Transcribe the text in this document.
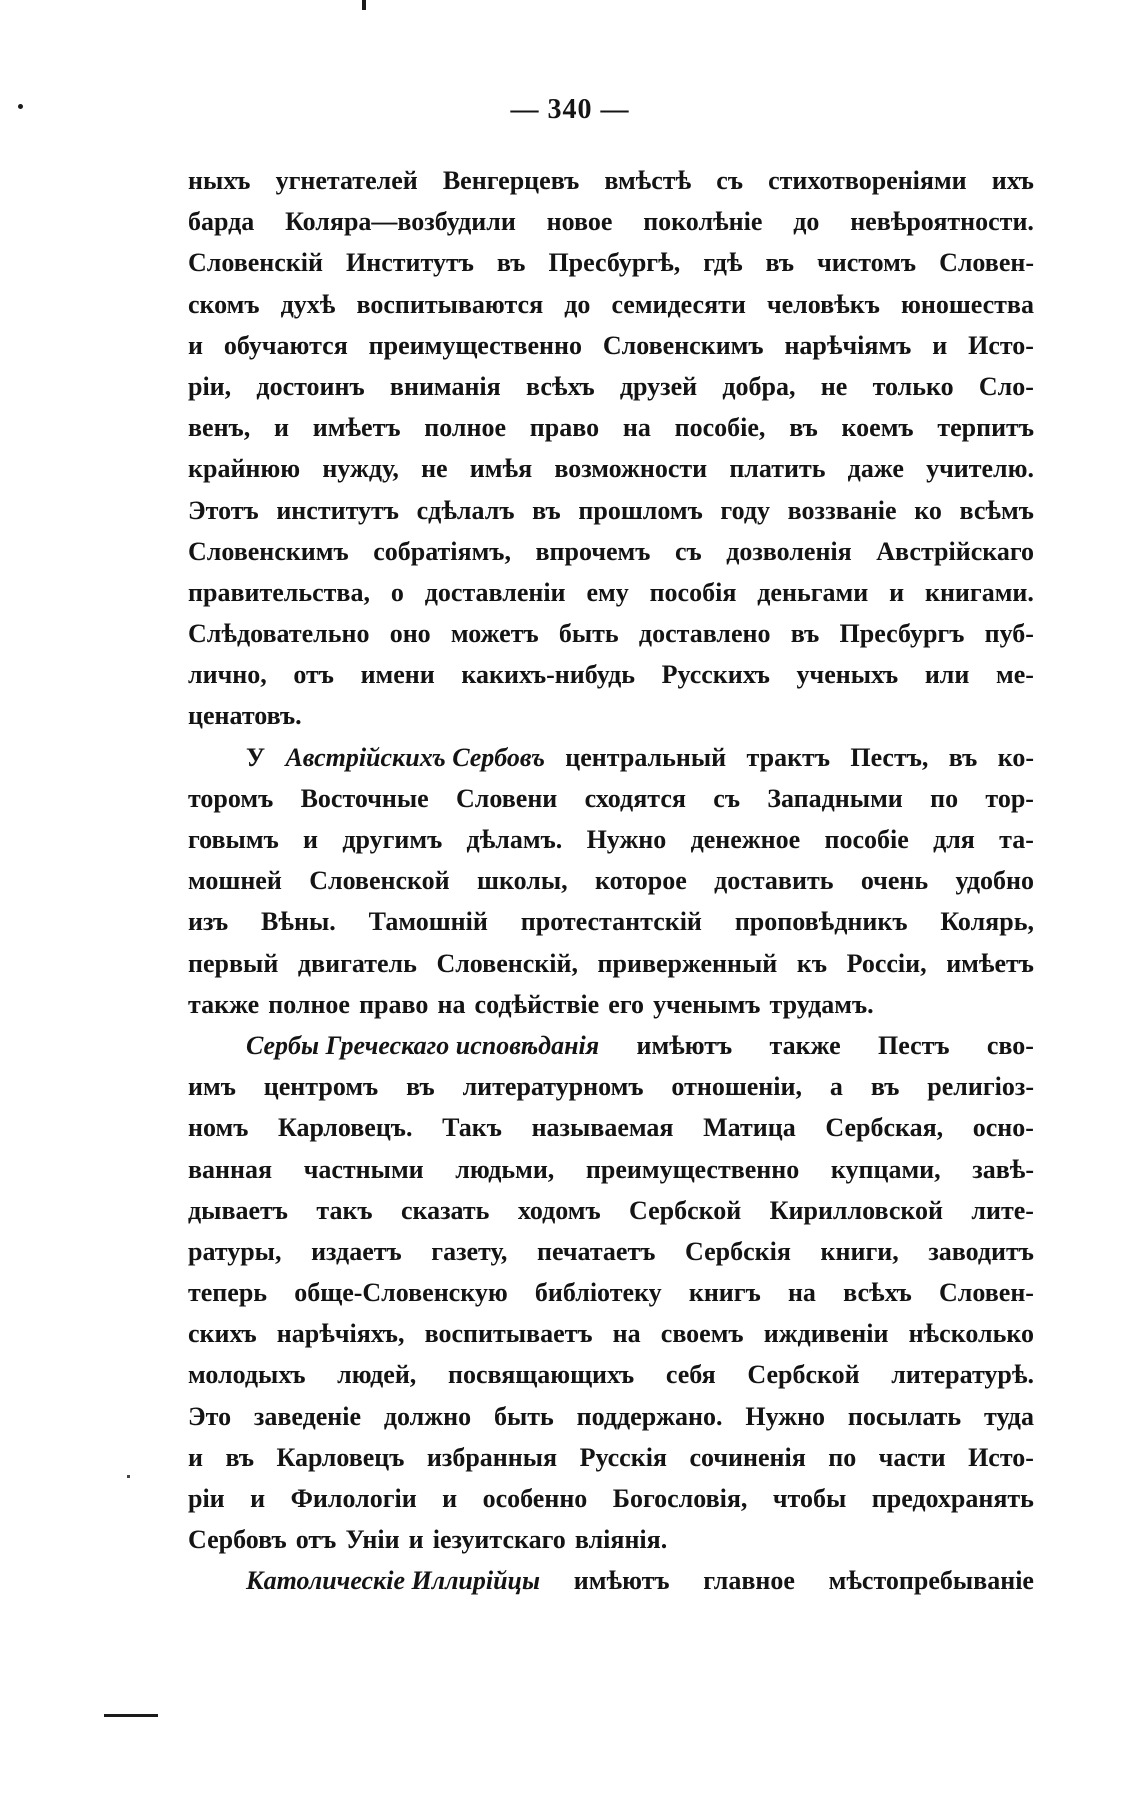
— 340 —
ныхъ угнетателей Венгерцевъ вмѣстѣ съ стихотвореніями ихъ
барда Коляра—возбудили новое поколѣніе до невѣроятности.
Словенскій Институтъ въ Пресбургѣ, гдѣ въ чистомъ Словен-
скомъ духѣ воспитываются до семидесяти человѣкъ юношества
и обучаются преимущественно Словенскимъ нарѣчіямъ и Исто-
ріи, достоинъ вниманія всѣхъ друзей добра, не только Сло-
венъ, и имѣетъ полное право на пособіе, въ коемъ терпитъ
крайнюю нужду, не имѣя возможности платить даже учителю.
Этотъ институтъ сдѣлалъ въ прошломъ году воззваніе ко всѣмъ
Словенскимъ собратіямъ, впрочемъ съ дозволенія Австрійскаго
правительства, о доставленіи ему пособія деньгами и книгами.
Слѣдовательно оно можетъ быть доставлено въ Пресбургъ пуб-
лично, отъ имени какихъ-нибудь Русскихъ ученыхъ или ме-
ценатовъ.
У Австрійскихъ Сербовъ центральный трактъ Пестъ, въ ко-
торомъ Восточные Словени сходятся съ Западными по тор-
говымъ и другимъ дѣламъ. Нужно денежное пособіе для та-
мошней Словенской школы, которое доставить очень удобно
изъ Вѣны. Тамошній протестантскій проповѣдникъ Колярь,
первый двигатель Словенскій, приверженный къ Россіи, имѣетъ
также полное право на содѣйствіе его ученымъ трудамъ.
Сербы Греческаго исповѣданія имѣютъ также Пестъ сво-
имъ центромъ въ литературномъ отношеніи, а въ религіоз-
номъ Карловецъ. Такъ называемая Матица Сербская, осно-
ванная частными людьми, преимущественно купцами, завѣ-
дываетъ такъ сказать ходомъ Сербской Кирилловской лите-
ратуры, издаетъ газету, печатаетъ Сербскія книги, заводитъ
теперь обще-Словенскую библіотеку книгъ на всѣхъ Словен-
скихъ нарѣчіяхъ, воспитываетъ на своемъ иждивеніи нѣсколько
молодыхъ людей, посвящающихъ себя Сербской литературѣ.
Это заведеніе должно быть поддержано. Нужно посылать туда
и въ Карловецъ избранныя Русскія сочиненія по части Исто-
ріи и Филологіи и особенно Богословія, чтобы предохранять
Сербовъ отъ Уніи и іезуитскаго вліянія.
Католическіе Иллирійцы имѣютъ главное мѣстопребываніе
